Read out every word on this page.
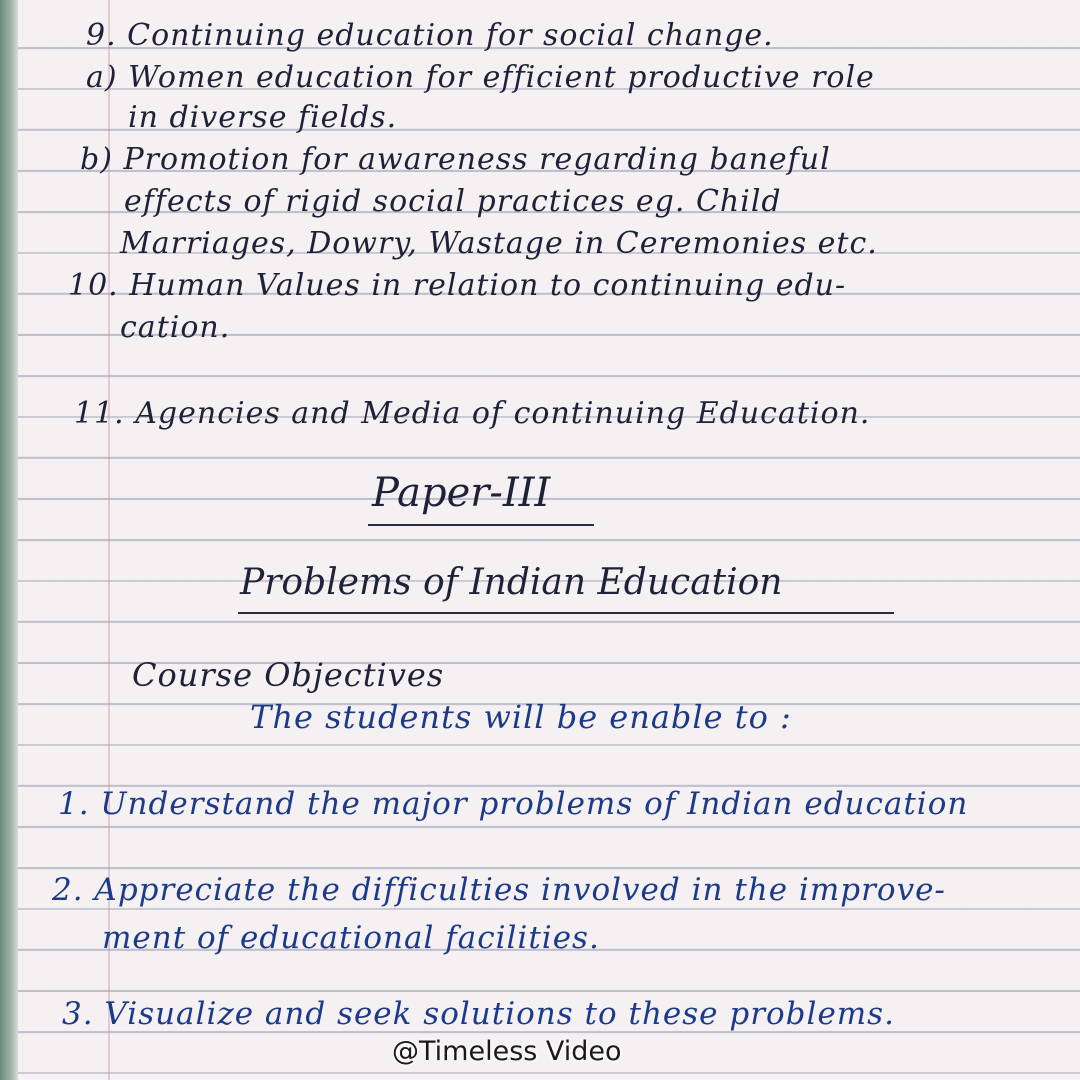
9. Continuing education for social change.
a) Women education for efficient productive role
in diverse fields.
b) Promotion for awareness regarding baneful
effects of rigid social practices eg. Child
Marriages, Dowry, Wastage in Ceremonies etc.
10. Human Values in relation to continuing edu-
cation.
11. Agencies and Media of continuing Education.
Paper-III
Problems of Indian Education
Course Objectives
The students will be enable to :
1. Understand the major problems of Indian education
2. Appreciate the difficulties involved in the improve-
ment of educational facilities.
3. Visualize and seek solutions to these problems.
@Timeless Video
